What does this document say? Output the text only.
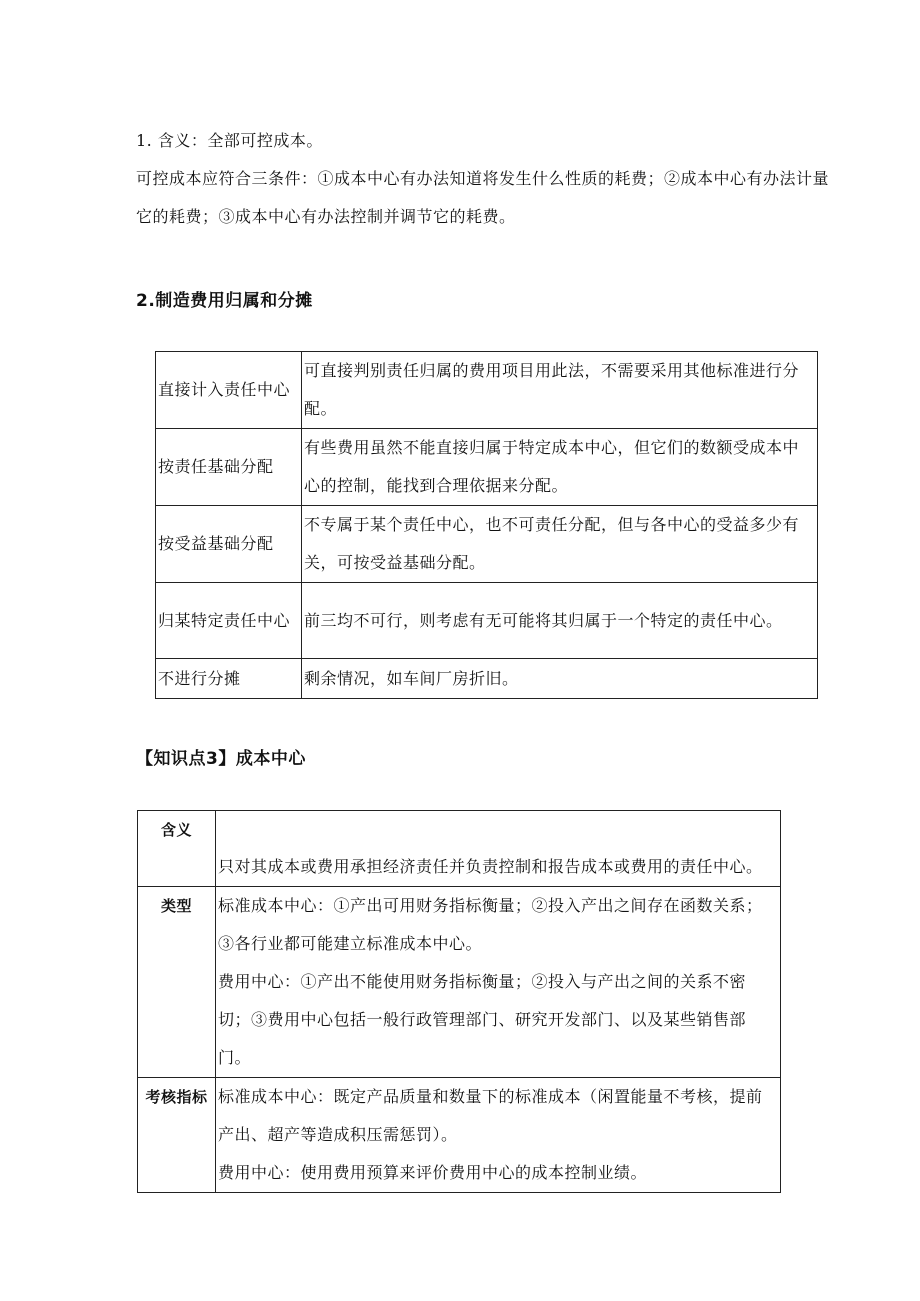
1. 含义：全部可控成本。
可控成本应符合三条件：①成本中心有办法知道将发生什么性质的耗费；②成本中心有办法计量它的耗费；③成本中心有办法控制并调节它的耗费。
2.制造费用归属和分摊
直接计入责任中心	可直接判别责任归属的费用项目用此法，不需要采用其他标准进行分配。
按责任基础分配	有些费用虽然不能直接归属于特定成本中心，但它们的数额受成本中心的控制，能找到合理依据来分配。
按受益基础分配	不专属于某个责任中心，也不可责任分配，但与各中心的受益多少有关，可按受益基础分配。
归某特定责任中心	前三均不可行，则考虑有无可能将其归属于一个特定的责任中心。
不进行分摊	剩余情况，如车间厂房折旧。
【知识点3】成本中心
含义	只对其成本或费用承担经济责任并负责控制和报告成本或费用的责任中心。
类型	标准成本中心：①产出可用财务指标衡量；②投入产出之间存在函数关系；③各行业都可能建立标准成本中心。
费用中心：①产出不能使用财务指标衡量；②投入与产出之间的关系不密切；③费用中心包括一般行政管理部门、研究开发部门、以及某些销售部门。

考核指标	标准成本中心：既定产品质量和数量下的标准成本（闲置能量不考核，提前产出、超产等造成积压需惩罚）。
费用中心：使用费用预算来评价费用中心的成本控制业绩。
